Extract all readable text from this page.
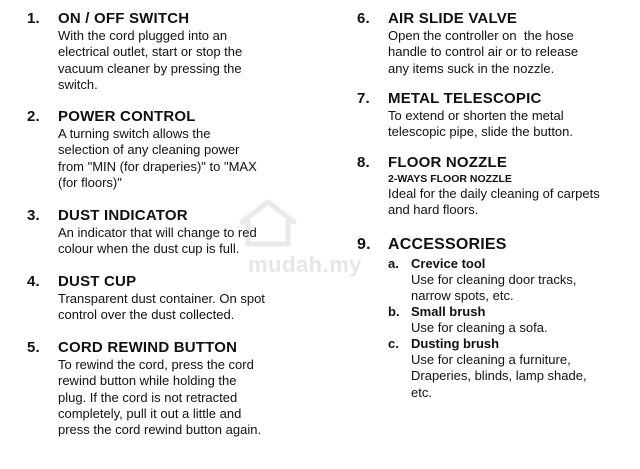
1. ON / OFF SWITCH
With the cord plugged into an
electrical outlet, start or stop the
vacuum cleaner by pressing the
switch.
2. POWER CONTROL
A turning switch allows the
selection of any cleaning power
from "MIN (for draperies)" to "MAX
(for floors)"
3. DUST INDICATOR
An indicator that will change to red
colour when the dust cup is full.
4. DUST CUP
Transparent dust container. On spot
control over the dust collected.
5. CORD REWIND BUTTON
To rewind the cord, press the cord
rewind button while holding the
plug. If the cord is not retracted
completely, pull it out a little and
press the cord rewind button again.
6. AIR SLIDE VALVE
Open the controller on  the hose
handle to control air or to release
any items suck in the nozzle.
7. METAL TELESCOPIC
To extend or shorten the metal
telescopic pipe, slide the button.
8. FLOOR NOZZLE
2-WAYS FLOOR NOZZLE
Ideal for the daily cleaning of carpets
and hard floors.
9. ACCESSORIES
a. Crevice tool
Use for cleaning door tracks,
narrow spots, etc.
b. Small brush
Use for cleaning a sofa.
c. Dusting brush
Use for cleaning a furniture,
Draperies, blinds, lamp shade,
etc.
mudah.my
